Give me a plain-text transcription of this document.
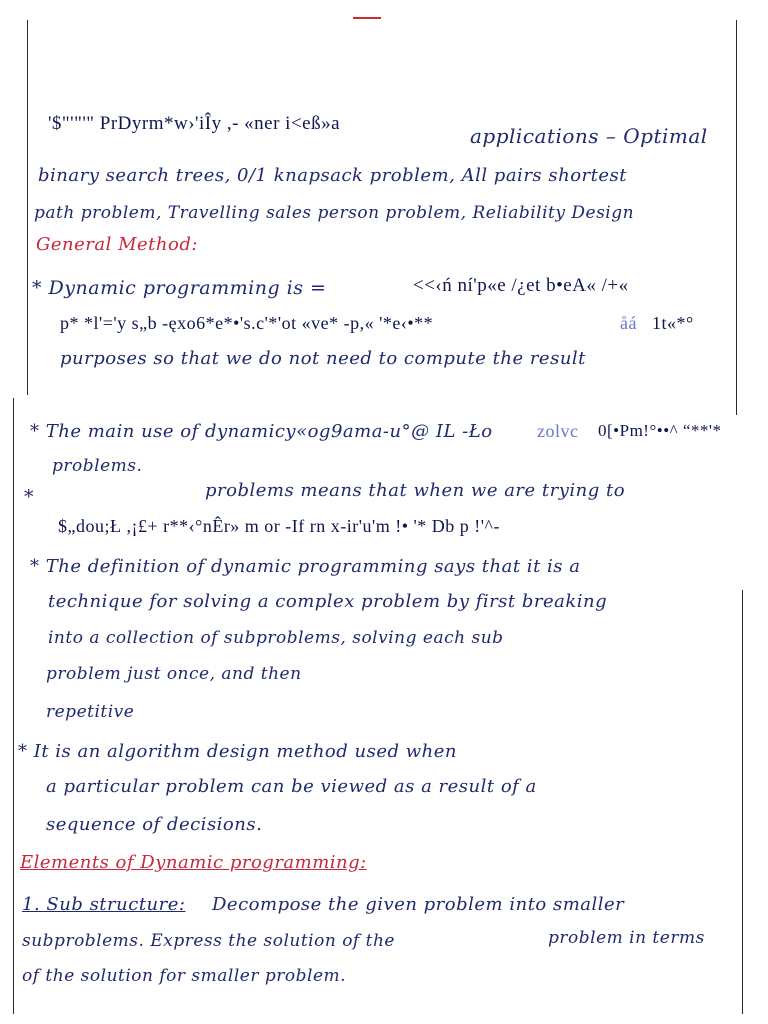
'$"'"'" PrDyrm*w›'iÎy ,- «ner i<eß»a
applications – Optimal
binary search trees, 0/1 knapsack problem, All pairs shortest
path problem, Travelling sales person problem, Reliability Design
General Method:
* Dynamic programming is =	<<‹ń ní'p«e /¿et b•eA« /+«
p* *l'='y s„b -ęxo6*e*•'s.c'*'ot «ve* -p,« '*e‹•**	åá 1t«*°
purposes so that we do not need to compute the result
* The main use of dynamicy«og9ama-u°@ IL -Ło zolvc 0[•Pm!°••^ “**'*
problems.
*	problems means that when we are trying to
$„dou;Ł ,¡£+ r**‹°nÊr» m or -If rn x-ir'u'm !• '* Db p !'^-
* The definition of dynamic programming says that it is a
technique for solving a complex problem by first breaking
into a collection of subproblems, solving each sub
problem just once, and then
repetitive
* It is an algorithm design method used when
a particular problem can be viewed as a result of a
sequence of decisions.
Elements of Dynamic programming:
1. Sub structure: Decompose the given problem into smaller
subproblems. Express the solution of the	problem in terms
of the solution for smaller problem.
